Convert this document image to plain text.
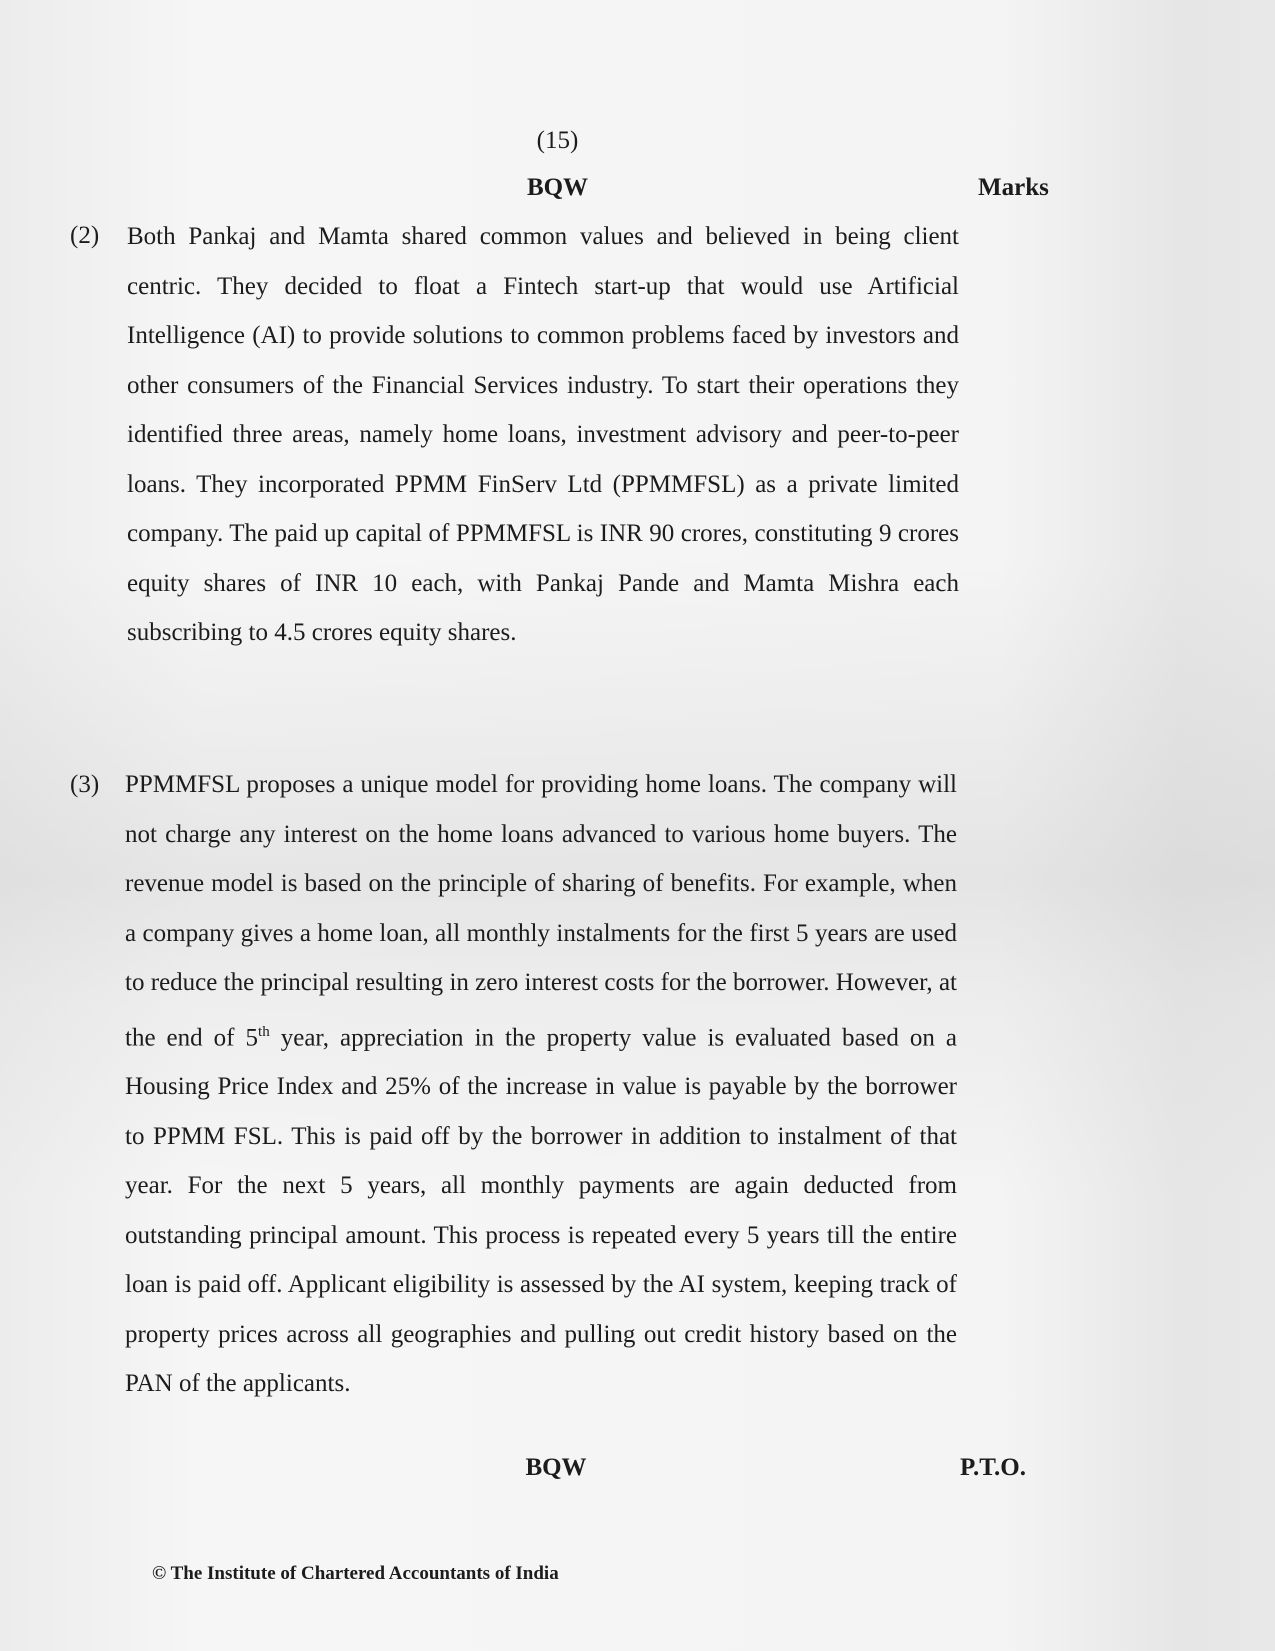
(15)
BQW	Marks
(2) Both Pankaj and Mamta shared common values and believed in being client centric. They decided to float a Fintech start-up that would use Artificial Intelligence (AI) to provide solutions to common problems faced by investors and other consumers of the Financial Services industry. To start their operations they identified three areas, namely home loans, investment advisory and peer-to-peer loans. They incorporated PPMM FinServ Ltd (PPMMFSL) as a private limited company. The paid up capital of PPMMFSL is INR 90 crores, constituting 9 crores equity shares of INR 10 each, with Pankaj Pande and Mamta Mishra each subscribing to 4.5 crores equity shares.
(3) PPMMFSL proposes a unique model for providing home loans. The company will not charge any interest on the home loans advanced to various home buyers. The revenue model is based on the principle of sharing of benefits. For example, when a company gives a home loan, all monthly instalments for the first 5 years are used to reduce the principal resulting in zero interest costs for the borrower. However, at the end of 5th year, appreciation in the property value is evaluated based on a Housing Price Index and 25% of the increase in value is payable by the borrower to PPMM FSL. This is paid off by the borrower in addition to instalment of that year. For the next 5 years, all monthly payments are again deducted from outstanding principal amount. This process is repeated every 5 years till the entire loan is paid off. Applicant eligibility is assessed by the AI system, keeping track of property prices across all geographies and pulling out credit history based on the PAN of the applicants.
BQW	P.T.O.
© The Institute of Chartered Accountants of India
